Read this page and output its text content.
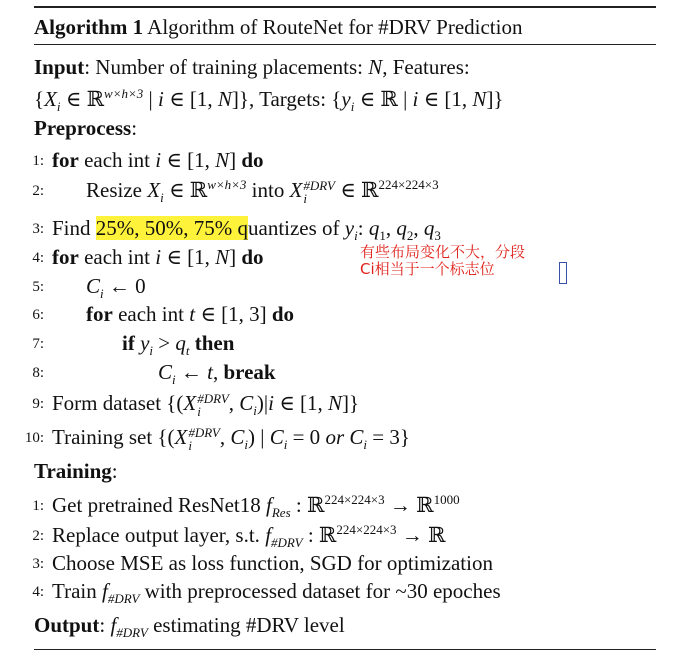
Algorithm 1 Algorithm of RouteNet for #DRV Prediction
Input: Number of training placements: N, Features:
{$X_i$ ∈ ℝ$^{w\times h\times 3}$ | i ∈ [1, N]}, Targets: {$y_i$ ∈ ℝ | i ∈ [1, N]}
Preprocess:
1: for each int i ∈ [1, N] do
2: Resize $X_i$ ∈ ℝ$^{w\times h\times 3}$ into X #DRV
i	∈ ℝ$^{224\times 224\times 3}$
3: Find 25%, 50%, 75% quantizes of $y_i$: $q_1$, $q_2$, $q_3$
4: for each int i ∈ [1, N] do	有些布局变化不大，分段
Ci相当于一个标志位
5: $C_i$ ← 0
6: for each int t ∈ [1, 3] do
7:	if $y_i > q_t$ then
8:	$C_i$ ← t, break
9: Form dataset {(X #DRV
i	, $C_i)|i$ ∈ [1, N]}
10: Training set {(X #DRV
i	, $C_i$) | $C_i = 0$ or $C_i = 3$}
Training:
1: Get pretrained ResNet18 $f_{Res}$ : ℝ$^{224\times 224\times 3}$ → ℝ$^{1000}$
2: Replace output layer, s.t. $f_{\#DRV}$ : ℝ$^{224\times 224\times 3}$ → ℝ
3: Choose MSE as loss function, SGD for optimization
4: Train $f_{\#DRV}$ with preprocessed dataset for ~30 epoches
Output: $f_{\#DRV}$ estimating #DRV level
